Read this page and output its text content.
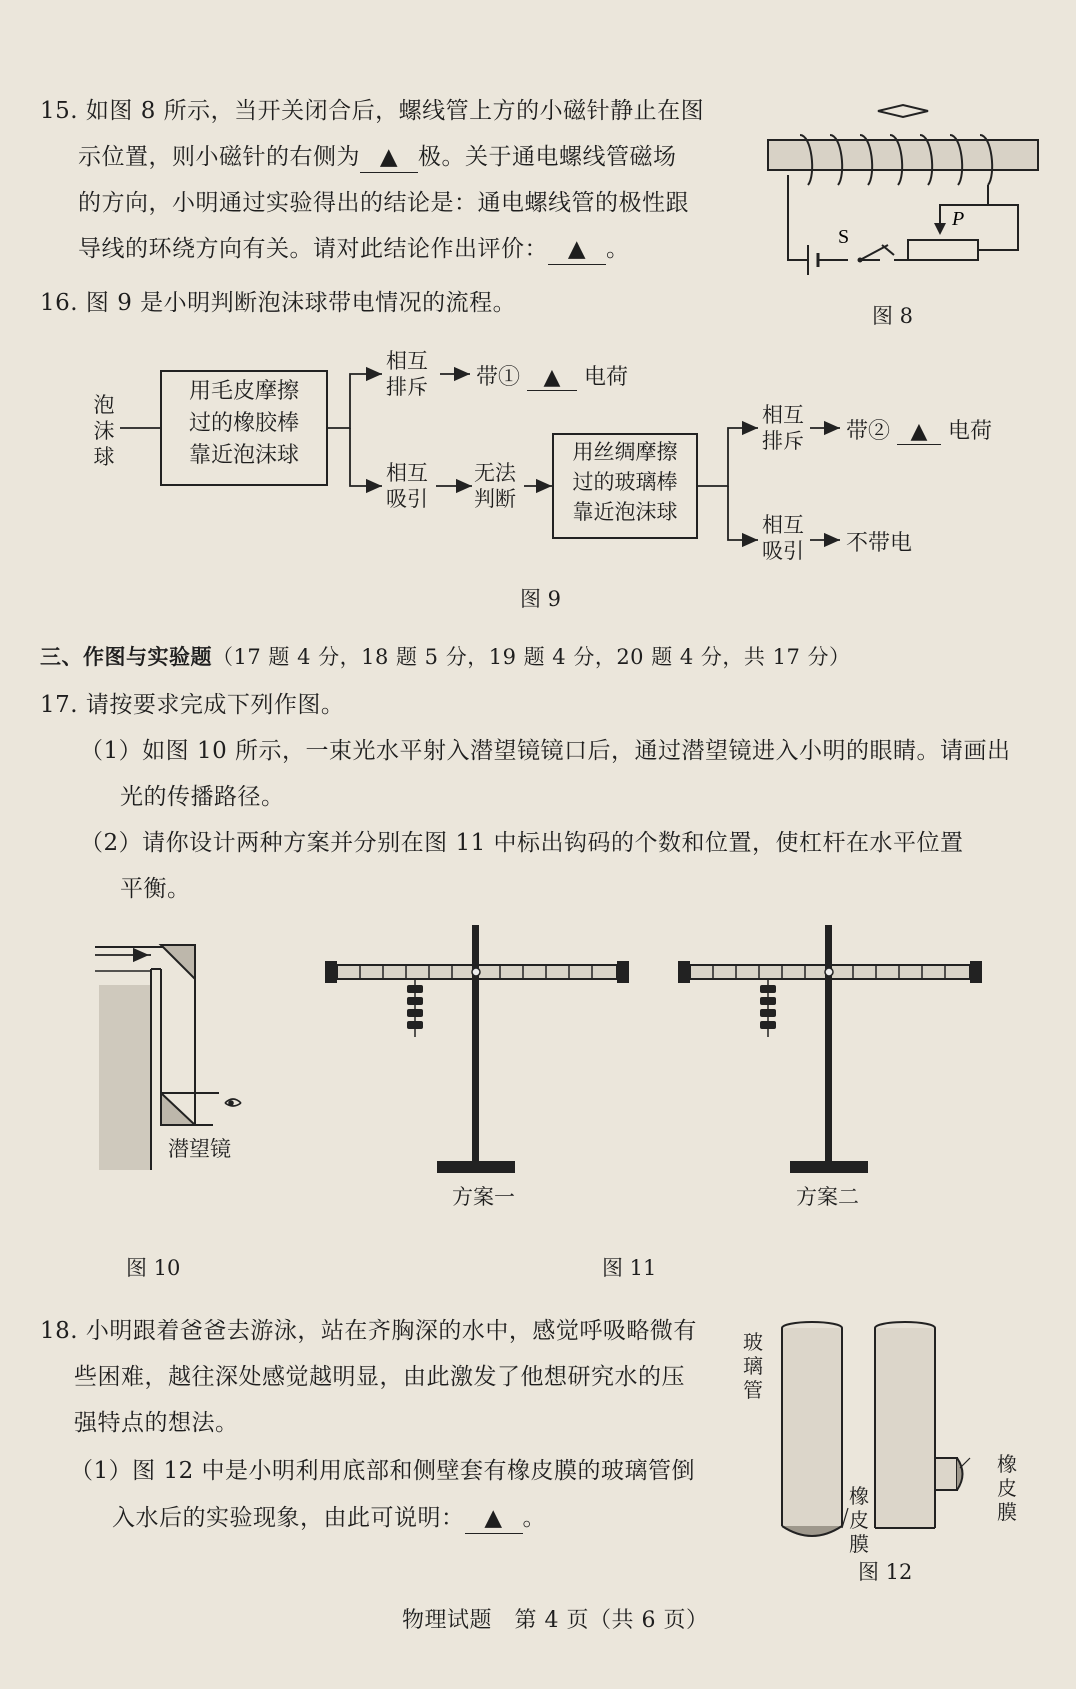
15. 如图 8 所示，当开关闭合后，螺线管上方的小磁针静止在图
示位置，则小磁针的右侧为 ▲ 极。关于通电螺线管磁场
的方向，小明通过实验得出的结论是：通电螺线管的极性跟
导线的环绕方向有关。请对此结论作出评价： ▲ 。	S
P
图 8
16. 图 9 是小明判断泡沫球带电情况的流程。
泡沫球
用毛皮摩擦
过的橡胶棒
靠近泡沫球	用丝绸摩擦
过的玻璃棒
靠近泡沫球
相互
排斥
相互
吸引
无法
判断
相互
排斥
相互
吸引
带① ▲ 电荷
带② ▲ 电荷
不带电
图 9
三、作图与实验题（17 题 4 分，18 题 5 分，19 题 4 分，20 题 4 分，共 17 分）
17. 请按要求完成下列作图。
（1）如图 10 所示，一束光水平射入潜望镜镜口后，通过潜望镜进入小明的眼睛。请画出
光的传播路径。
（2）请你设计两种方案并分别在图 11 中标出钩码的个数和位置，使杠杆在水平位置
平衡。
潜望镜
方案一	方案二
图 10	图 11
18. 小明跟着爸爸去游泳，站在齐胸深的水中，感觉呼吸略微有
些困难，越往深处感觉越明显，由此激发了他想研究水的压
强特点的想法。
（1）图 12 中是小明利用底部和侧壁套有橡皮膜的玻璃管倒
入水后的实验现象，由此可说明： ▲ 。
玻璃管
橡皮膜
橡皮膜
图 12
物理试题　第 4 页（共 6 页）
